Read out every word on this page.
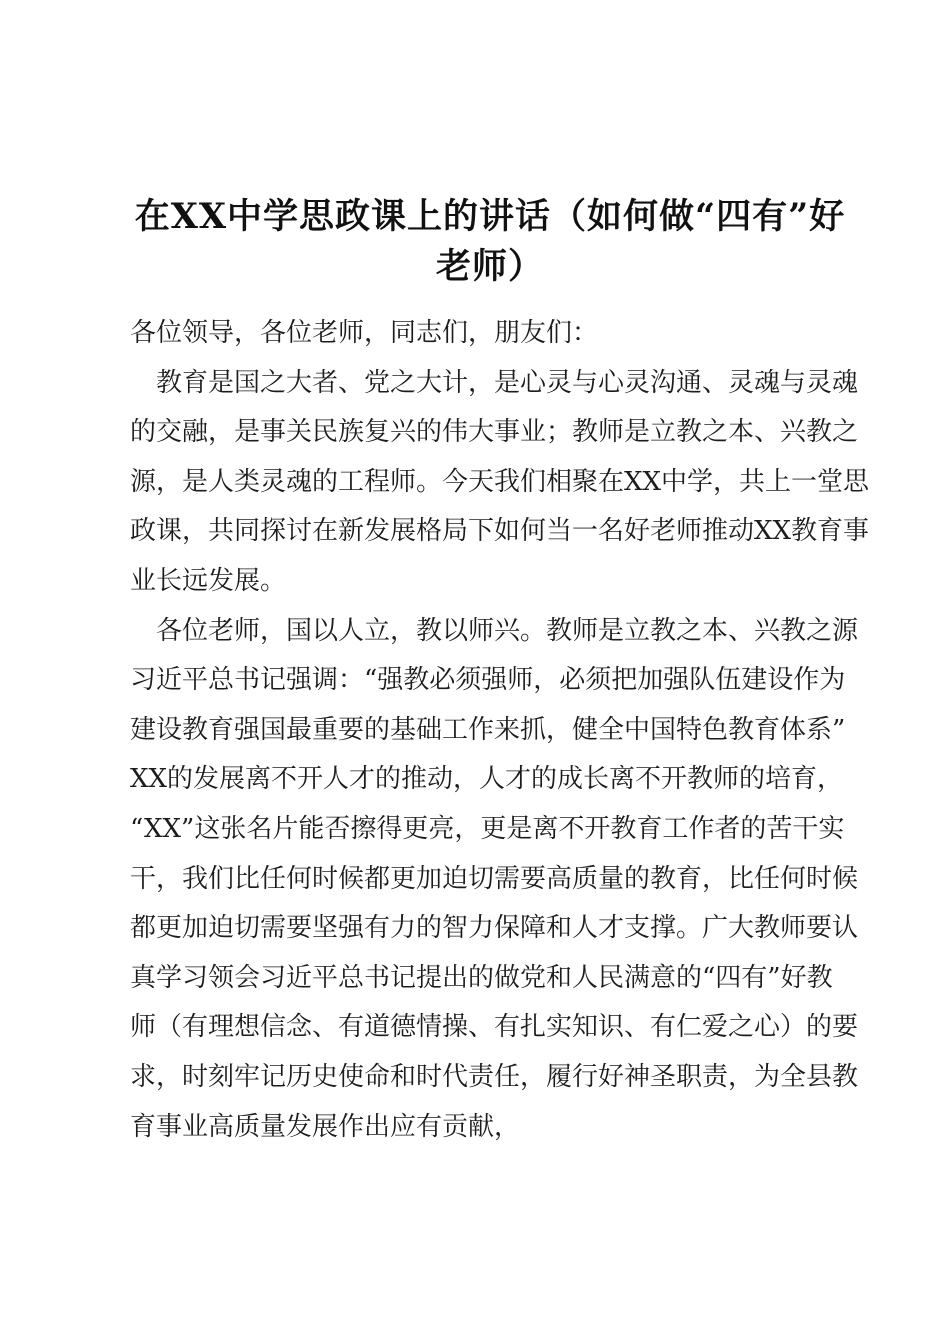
在XX中学思政课上的讲话（如何做“四有”好
老师）
各位领导，各位老师，同志们，朋友们：
教育是国之大者、党之大计，是心灵与心灵沟通、灵魂与灵魂
的交融，是事关民族复兴的伟大事业；教师是立教之本、兴教之
源，是人类灵魂的工程师。今天我们相聚在XX中学，共上一堂思
政课，共同探讨在新发展格局下如何当一名好老师推动XX教育事
业长远发展。
各位老师，国以人立，教以师兴。教师是立教之本、兴教之源
习近平总书记强调：“强教必须强师，必须把加强队伍建设作为
建设教育强国最重要的基础工作来抓，健全中国特色教育体系”
XX的发展离不开人才的推动，人才的成长离不开教师的培育，
“XX”这张名片能否擦得更亮，更是离不开教育工作者的苦干实
干，我们比任何时候都更加迫切需要高质量的教育，比任何时候
都更加迫切需要坚强有力的智力保障和人才支撑。广大教师要认
真学习领会习近平总书记提出的做党和人民满意的“四有”好教
师（有理想信念、有道德情操、有扎实知识、有仁爱之心）的要
求，时刻牢记历史使命和时代责任，履行好神圣职责，为全县教
育事业高质量发展作出应有贡献，
